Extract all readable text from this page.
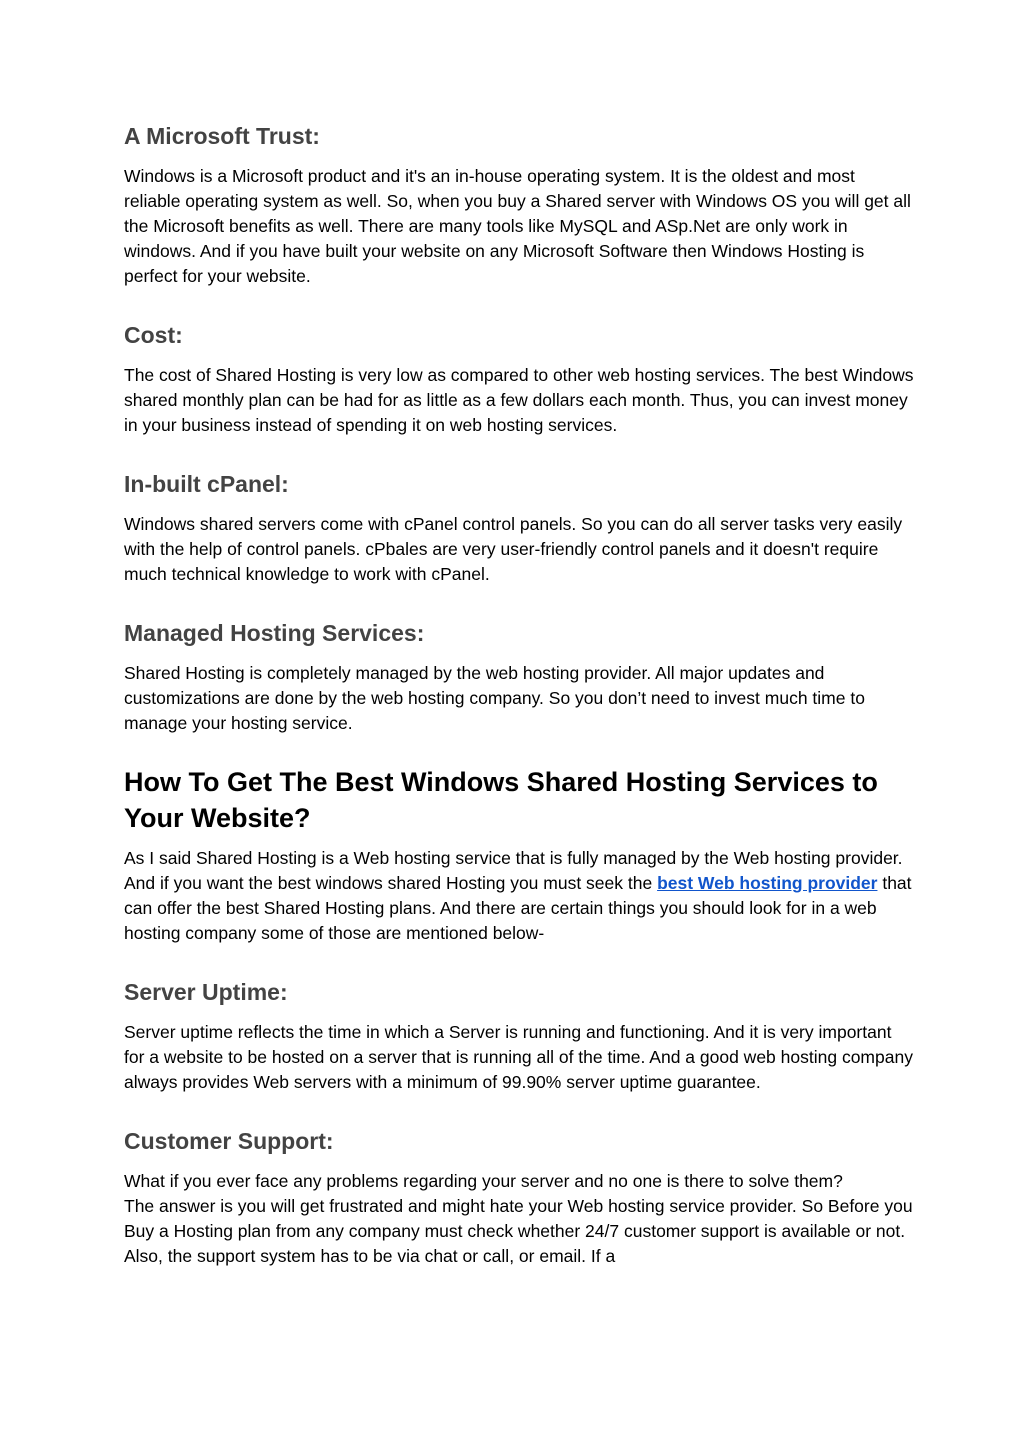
A Microsoft Trust:

Windows is a Microsoft product and it's an in-house operating system. It is the oldest and most reliable operating system as well. So, when you buy a Shared server with Windows OS you will get all the Microsoft benefits as well. There are many tools like MySQL and ASp.Net are only work in windows. And if you have built your website on any Microsoft Software then Windows Hosting is perfect for your website.

Cost:

The cost of Shared Hosting is very low as compared to other web hosting services. The best Windows shared monthly plan can be had for as little as a few dollars each month. Thus, you can invest money in your business instead of spending it on web hosting services.

In-built cPanel:

Windows shared servers come with cPanel control panels. So you can do all server tasks very easily with the help of control panels. cPbales are very user-friendly control panels and it doesn't require much technical knowledge to work with cPanel.

Managed Hosting Services:

Shared Hosting is completely managed by the web hosting provider. All major updates and customizations are done by the web hosting company. So you don’t need to invest much time to manage your hosting service.

How To Get The Best Windows Shared Hosting Services to Your Website?

As I said Shared Hosting is a Web hosting service that is fully managed by the Web hosting provider. And if you want the best windows shared Hosting you must seek the best Web hosting provider that can offer the best Shared Hosting plans. And there are certain things you should look for in a web hosting company some of those are mentioned below-

Server Uptime:

Server uptime reflects the time in which a Server is running and functioning. And it is very important for a website to be hosted on a server that is running all of the time. And a good web hosting company always provides Web servers with a minimum of 99.90% server uptime guarantee.

Customer Support:

What if you ever face any problems regarding your server and no one is there to solve them?

The answer is you will get frustrated and might hate your Web hosting service provider. So Before you Buy a Hosting plan from any company must check whether 24/7 customer support is available or not. Also, the support system has to be via chat or call, or email. If a
